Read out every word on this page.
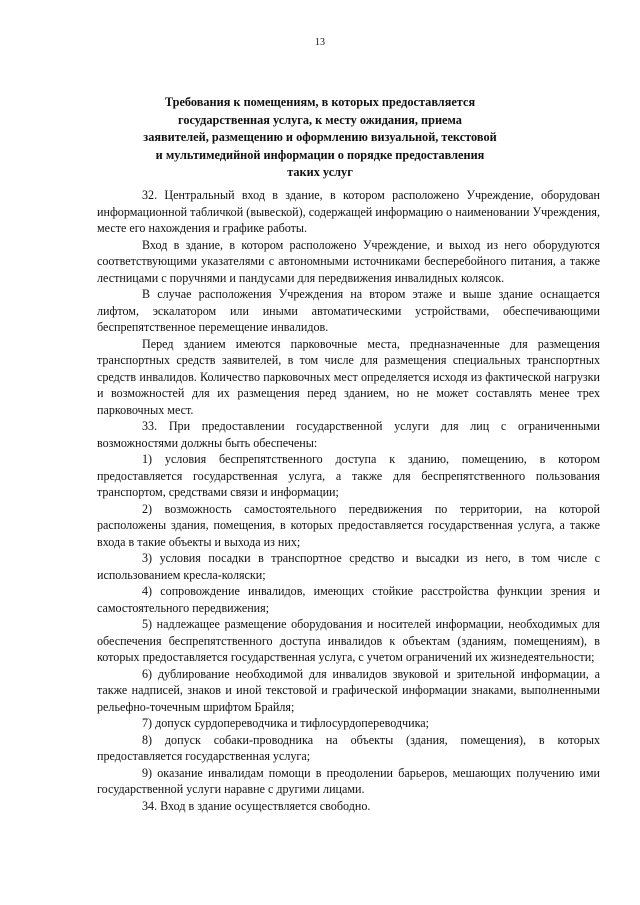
13
Требования к помещениям, в которых предоставляется
государственная услуга, к месту ожидания, приема
заявителей, размещению и оформлению визуальной, текстовой
и мультимедийной информации о порядке предоставления
таких услуг

32. Центральный вход в здание, в котором расположено Учреждение, оборудован информационной табличкой (вывеской), содержащей информацию о наименовании Учреждения, месте его нахождения и графике работы.

Вход в здание, в котором расположено Учреждение, и выход из него оборудуются соответствующими указателями с автономными источниками бесперебойного питания, а также лестницами с поручнями и пандусами для передвижения инвалидных колясок.

В случае расположения Учреждения на втором этаже и выше здание оснащается лифтом, эскалатором или иными автоматическими устройствами, обеспечивающими беспрепятственное перемещение инвалидов.

Перед зданием имеются парковочные места, предназначенные для размещения транспортных средств заявителей, в том числе для размещения специальных транспортных средств инвалидов. Количество парковочных мест определяется исходя из фактической нагрузки и возможностей для их размещения перед зданием, но не может составлять менее трех парковочных мест.

33. При предоставлении государственной услуги для лиц с ограниченными возможностями должны быть обеспечены:

1) условия беспрепятственного доступа к зданию, помещению, в котором предоставляется государственная услуга, а также для беспрепятственного пользования транспортом, средствами связи и информации;

2) возможность самостоятельного передвижения по территории, на которой расположены здания, помещения, в которых предоставляется государственная услуга, а также входа в такие объекты и выхода из них;

3) условия посадки в транспортное средство и высадки из него, в том числе с использованием кресла-коляски;

4) сопровождение инвалидов, имеющих стойкие расстройства функции зрения и самостоятельного передвижения;

5) надлежащее размещение оборудования и носителей информации, необходимых для обеспечения беспрепятственного доступа инвалидов к объектам (зданиям, помещениям), в которых предоставляется государственная услуга, с учетом ограничений их жизнедеятельности;

6) дублирование необходимой для инвалидов звуковой и зрительной информации, а также надписей, знаков и иной текстовой и графической информации знаками, выполненными рельефно-точечным шрифтом Брайля;

7) допуск сурдопереводчика и тифлосурдопереводчика;

8) допуск собаки-проводника на объекты (здания, помещения), в которых предоставляется государственная услуга;

9) оказание инвалидам помощи в преодолении барьеров, мешающих получению ими государственной услуги наравне с другими лицами.

34. Вход в здание осуществляется свободно.
